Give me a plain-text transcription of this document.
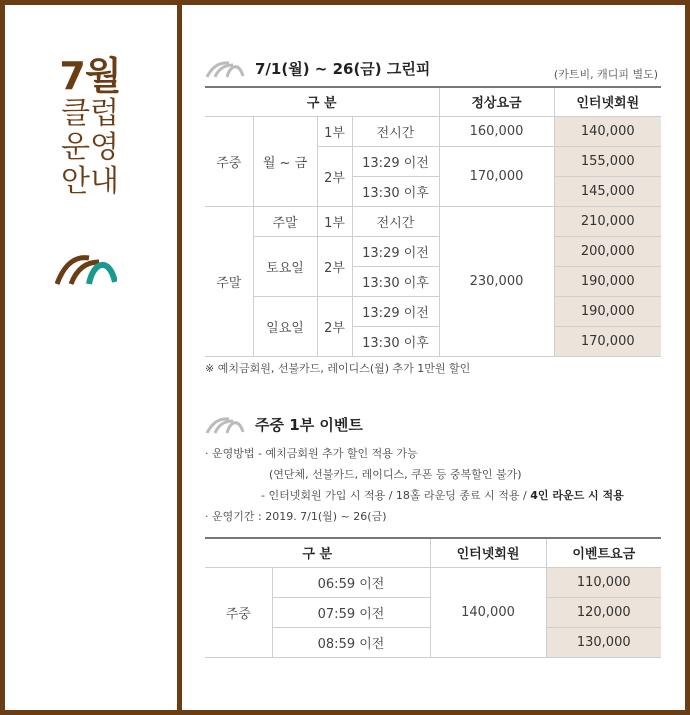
7월
클럽
운영
안내
7/1(월) ~ 26(금) 그린피	(카트비, 캐디피 별도)
구 분				정상요금	인터넷회원
주중	월 ~ 금	1부	전시간	160,000	140,000
		2부	13:29 이전	170,000	155,000
			13:30 이후		145,000
주말	주말	1부	전시간	230,000	210,000
	토요일	2부	13:29 이전		200,000
			13:30 이후		190,000
	일요일	2부	13:29 이전		190,000
			13:30 이후		170,000
※ 예치금회원, 선불카드, 레이디스(월) 추가 1만원 할인
주중 1부 이벤트
· 운영방법 - 예치금회원 추가 할인 적용 가능
(연단체, 선불카드, 레이디스, 쿠폰 등 중복할인 불가)
- 인터넷회원 가입 시 적용 / 18홀 라운딩 종료 시 적용 / 4인 라운드 시 적용
· 운영기간 : 2019. 7/1(월) ~ 26(금)
구 분		인터넷회원	이벤트요금
주중	06:59 이전	140,000	110,000
	07:59 이전		120,000
	08:59 이전		130,000
